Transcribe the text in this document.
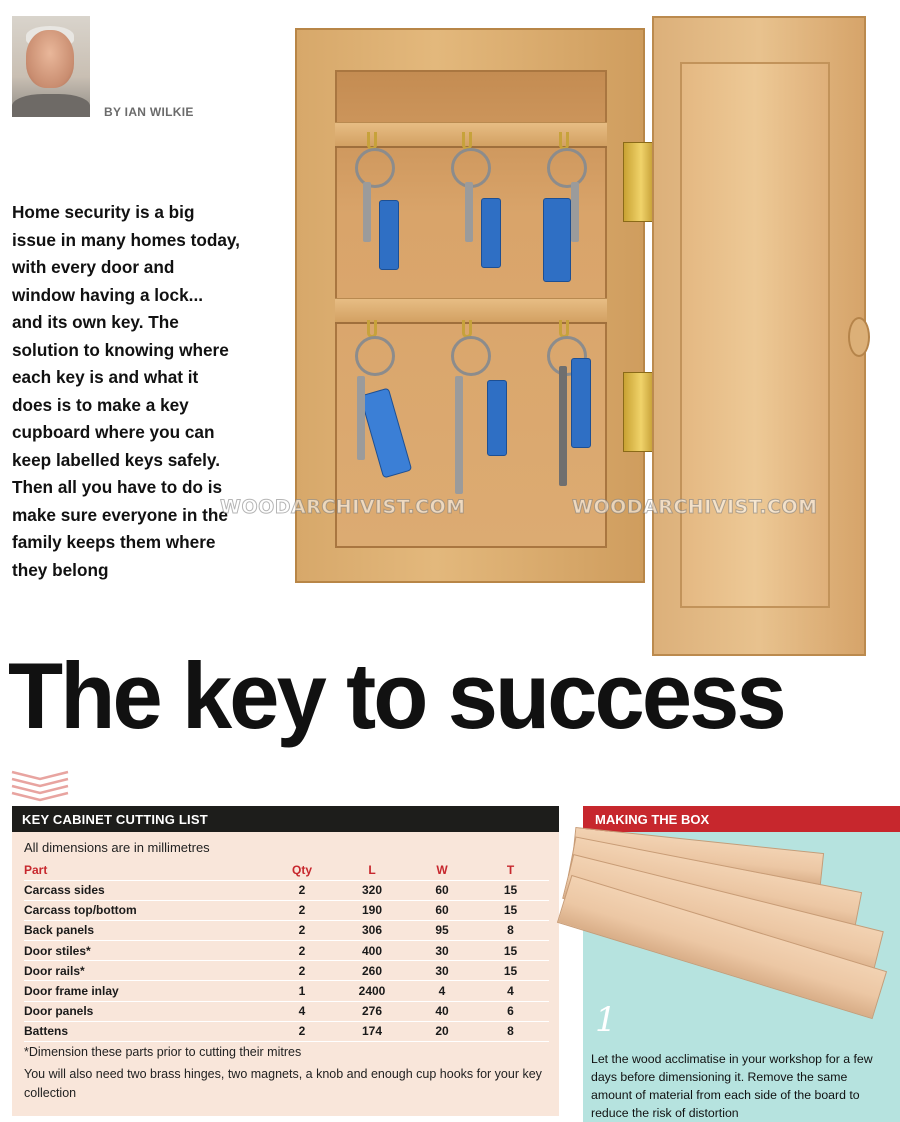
BY IAN WILKIE
Home security is a big
issue in many homes today,
with every door and
window having a lock...
and its own key. The
solution to knowing where
each key is and what it
does is to make a key
cupboard where you can
keep labelled keys safely.
Then all you have to do is
make sure everyone in the
family keeps them where
they belong
WOODARCHIVIST.COM	WOODARCHIVIST.COM
The key to success
KEY CABINET CUTTING LIST
All dimensions are in millimetres
Part	Qty	L	W	T
Carcass sides	2	320	60	15
Carcass top/bottom	2	190	60	15
Back panels	2	306	95	8
Door stiles*	2	400	30	15
Door rails*	2	260	30	15
Door frame inlay	1	2400	4	4
Door panels	4	276	40	6
Battens	2	174	20	8
*Dimension these parts prior to cutting their mitres
You will also need two brass hinges, two magnets, a knob and enough cup hooks for your key collection
MAKING THE BOX
1
Let the wood acclimatise in your workshop for a few days before dimensioning it. Remove the same amount of material from each side of the board to reduce the risk of distortion
